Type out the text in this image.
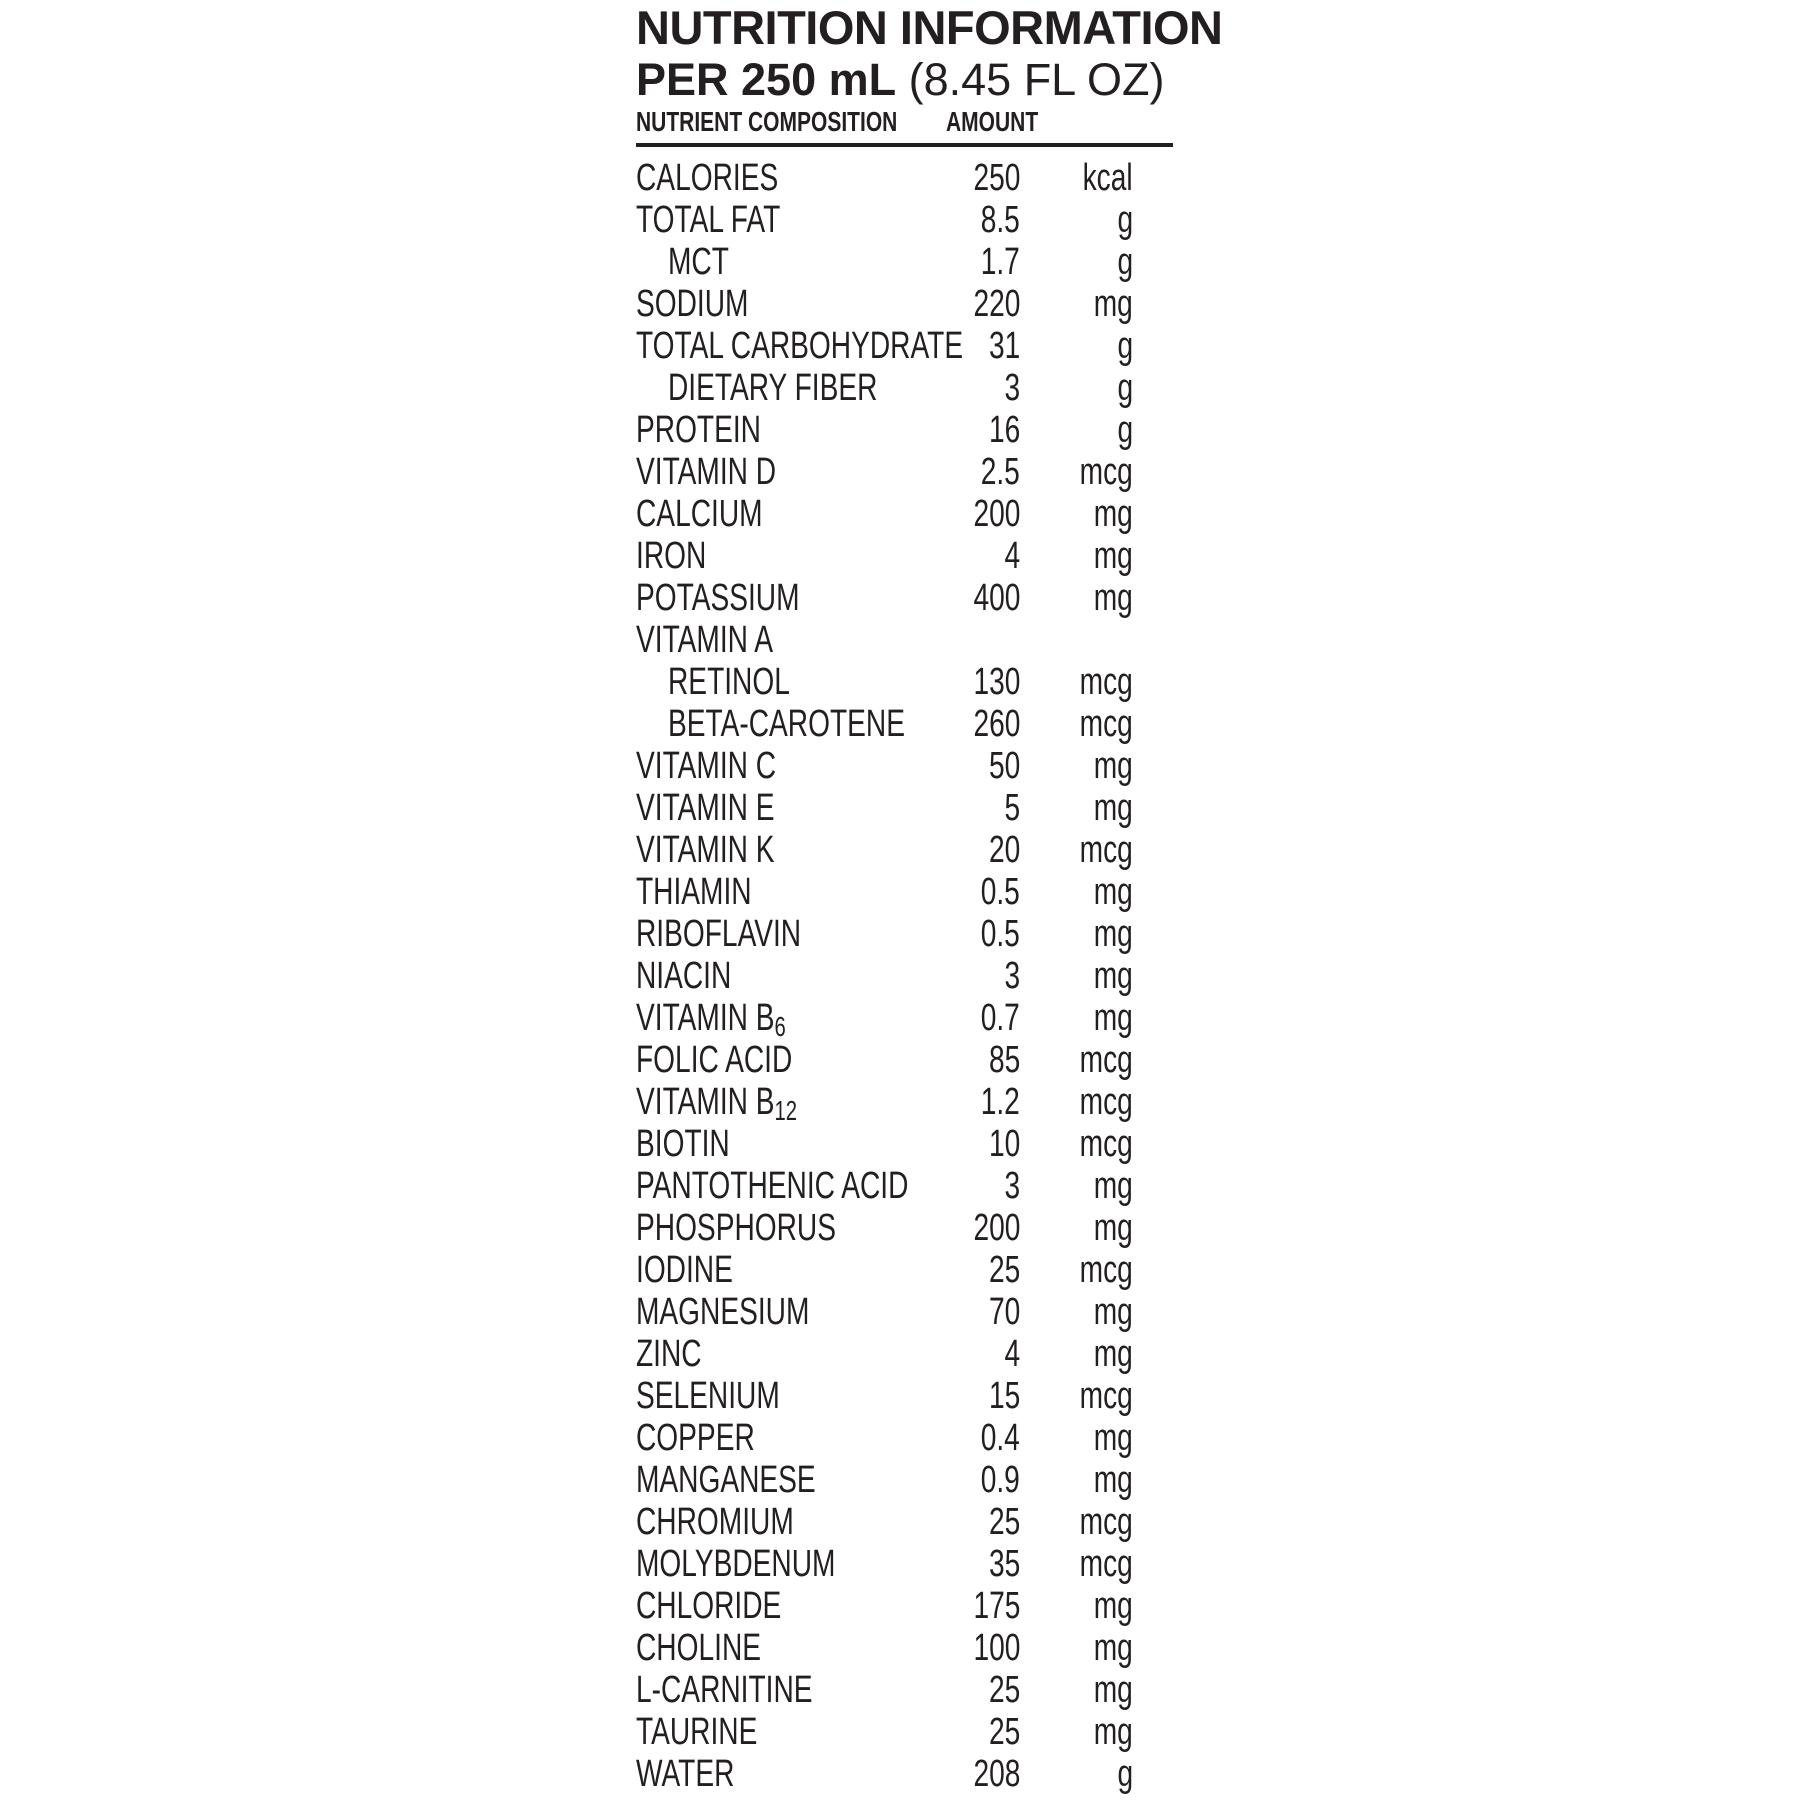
NUTRITION INFORMATION
PER 250 mL (8.45 FL OZ)
NUTRIENT COMPOSITION AMOUNT
CALORIES	250 kcal
TOTAL FAT	8.5	g
MCT	1.7	g
SODIUM	220 mg
TOTAL CARBOHYDRATE 31	g
DIETARY FIBER	3	g
PROTEIN	16	g
VITAMIN D	2.5 mcg
CALCIUM	200 mg
IRON	4 mg
POTASSIUM	400 mg
VITAMIN A
RETINOL	130 mcg
BETA-CAROTENE 260 mcg
VITAMIN C	50 mg
VITAMIN E	5 mg
VITAMIN K	20 mcg
THIAMIN	0.5 mg
RIBOFLAVIN	0.5 mg
NIACIN	3 mg
VITAMIN $B_6$	0.7 mg
FOLIC ACID	85 mcg
VITAMIN $B_{12}$	1.2 mcg
BIOTIN	10 mcg
PANTOTHENIC ACID	3 mg
PHOSPHORUS	200 mg
IODINE	25 mcg
MAGNESIUM	70 mg
ZINC	4 mg
SELENIUM	15 mcg
COPPER	0.4 mg
MANGANESE	0.9 mg
CHROMIUM	25 mcg
MOLYBDENUM	35 mcg
CHLORIDE	175 mg
CHOLINE	100 mg
L-CARNITINE	25 mg
TAURINE	25 mg
WATER	208	g
